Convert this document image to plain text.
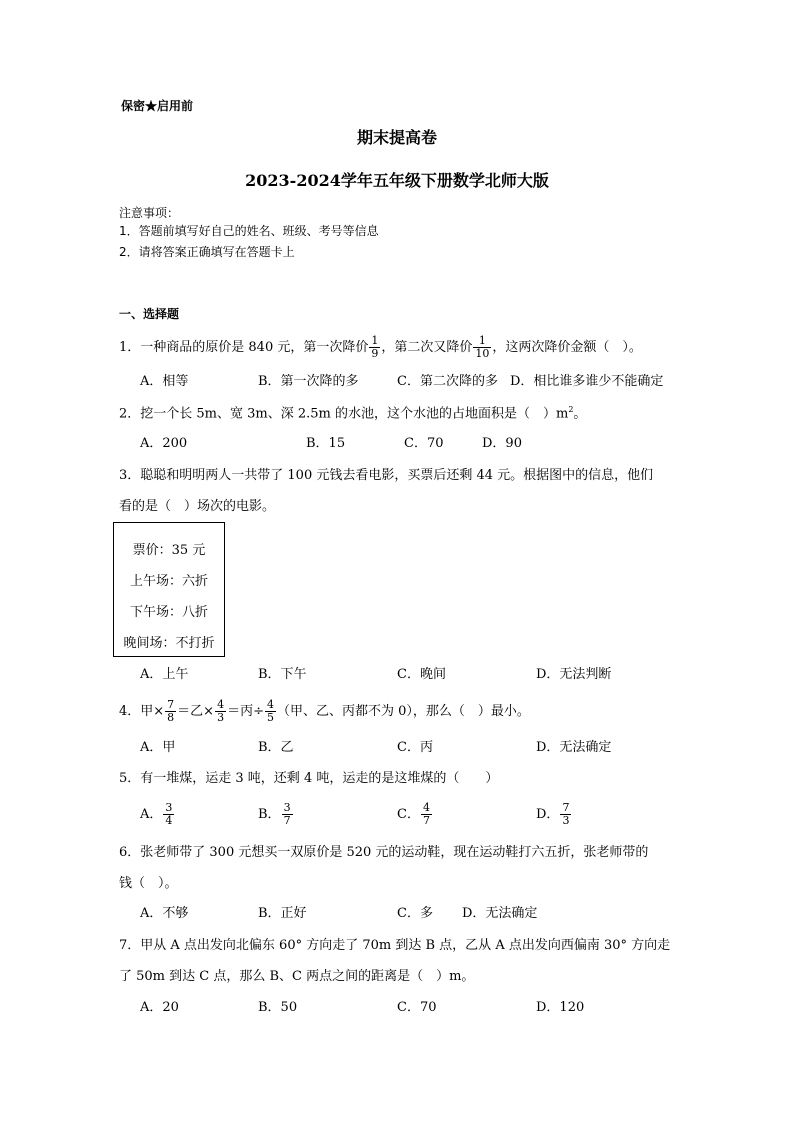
保密★启用前
期末提高卷
2023-2024学年五年级下册数学北师大版
注意事项：
1．答题前填写好自己的姓名、班级、考号等信息
2．请将答案正确填写在答题卡上
一、选择题
1．一种商品的原价是 840 元，第一次降价 $\frac{1}{9}$ ，第二次又降价 $\frac{1}{10}$ ，这两次降价金额（　）。
A．相等	B．第一次降的多	C．第二次降的多 D．相比谁多谁少不能确定
2．挖一个长 5m、宽 3m、深 2.5m 的水池，这个水池的占地面积是（　）$m^2$。
A．200	B．15	C．70	D．90
3．聪聪和明明两人一共带了 100 元钱去看电影，买票后还剩 44 元。根据图中的信息，他们
看的是（　）场次的电影。
票价：35 元
上午场：六折
下午场：八折
晚间场：不打折
A．上午	B．下午	C．晚间	D．无法判断
4．甲× $\frac{7}{8}$ ＝乙× $\frac{4}{3}$ ＝丙÷ $\frac{4}{5}$ （甲、乙、丙都不为 0），那么（　）最小。
A．甲	B．乙	C．丙	D．无法确定
5．有一堆煤，运走 3 吨，还剩 4 吨，运走的是这堆煤的（　　）
A． $\frac{3}{4}$	B． $\frac{3}{7}$	C． $\frac{4}{7}$	D． $\frac{7}{3}$
6．张老师带了 300 元想买一双原价是 520 元的运动鞋，现在运动鞋打六五折，张老师带的
钱（　）。
A．不够	B．正好	C．多 D．无法确定
7．甲从 A 点出发向北偏东 60° 方向走了 70m 到达 B 点，乙从 A 点出发向西偏南 30° 方向走
了 50m 到达 C 点，那么 B、C 两点之间的距离是（　）m。
A．20	B．50	C．70	D．120
